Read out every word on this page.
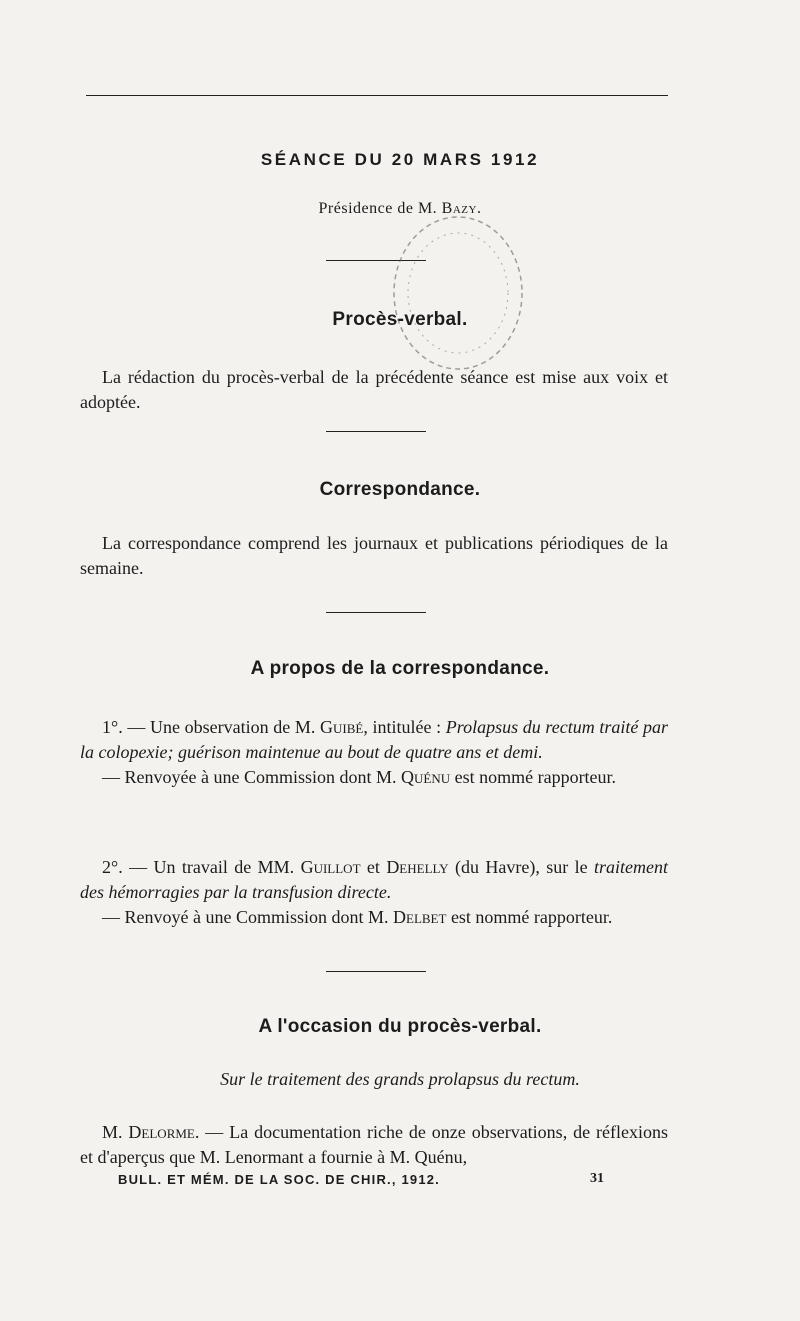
SÉANCE DU 20 MARS 1912
Présidence de M. Bazy.
Procès-verbal.

La rédaction du procès-verbal de la précédente séance est mise aux voix et adoptée.

Correspondance.

La correspondance comprend les journaux et publications périodiques de la semaine.

A propos de la correspondance.

1°. — Une observation de M. Guibé, intitulée : Prolapsus du rectum traité par la colopexie; guérison maintenue au bout de quatre ans et demi.

— Renvoyée à une Commission dont M. Quénu est nommé rapporteur.

2°. — Un travail de MM. Guillot et Dehelly (du Havre), sur le traitement des hémorragies par la transfusion directe.

— Renvoyé à une Commission dont M. Delbet est nommé rapporteur.

A l'occasion du procès-verbal.
Sur le traitement des grands prolapsus du rectum.

M. Delorme. — La documentation riche de onze observations, de réflexions et d'aperçus que M. Lenormant a fournie à M. Quénu,

BULL. ET MÉM. DE LA SOC. DE CHIR., 1912.	31
